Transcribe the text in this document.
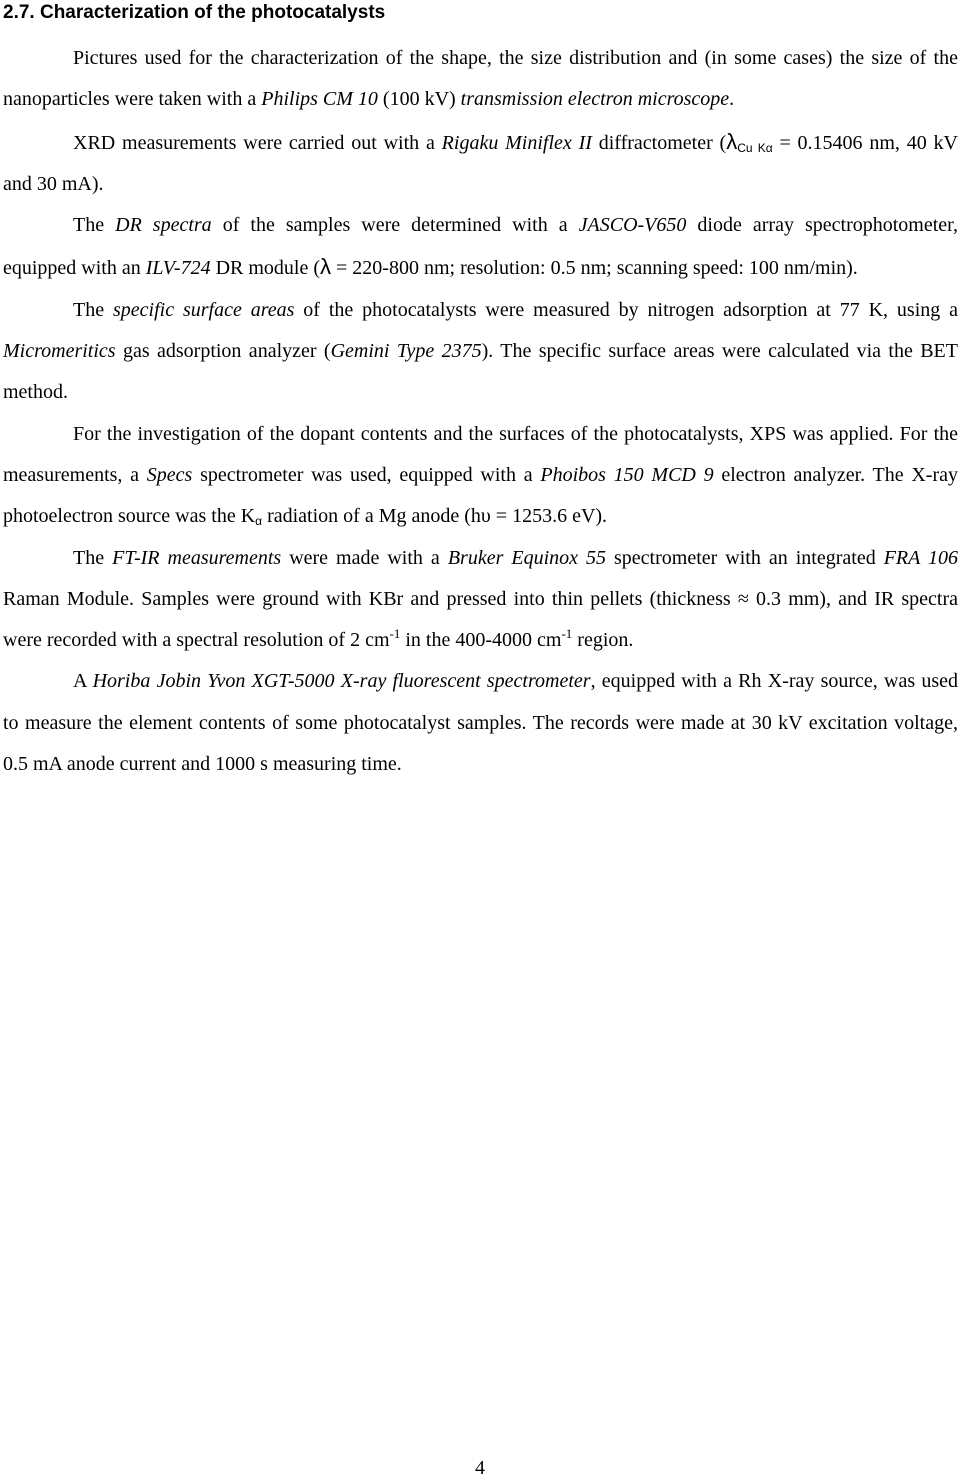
2.7. Characterization of the photocatalysts

Pictures used for the characterization of the shape, the size distribution and (in some cases) the size of the nanoparticles were taken with a Philips CM 10 (100 kV) transmission electron microscope.

XRD measurements were carried out with a Rigaku Miniflex II diffractometer ($\lambda_{Cu K\alpha} = 0.15406$ nm, 40 kV and 30 mA).

The DR spectra of the samples were determined with a JASCO-V650 diode array spectrophotometer, equipped with an ILV-724 DR module (λ = 220-800 nm; resolution: 0.5 nm; scanning speed: 100 nm/min).

The specific surface areas of the photocatalysts were measured by nitrogen adsorption at 77 K, using a Micromeritics gas adsorption analyzer (Gemini Type 2375). The specific surface areas were calculated via the BET method.

For the investigation of the dopant contents and the surfaces of the photocatalysts, XPS was applied. For the measurements, a Specs spectrometer was used, equipped with a Phoibos 150 MCD 9 electron analyzer. The X-ray photoelectron source was the $K_\alpha$ radiation of a Mg anode (hυ = 1253.6 eV).

The FT-IR measurements were made with a Bruker Equinox 55 spectrometer with an integrated FRA 106 Raman Module. Samples were ground with KBr and pressed into thin pellets (thickness ≈ 0.3 mm), and IR spectra were recorded with a spectral resolution of 2 $cm^{-1}$ in the 400-4000 $cm^{-1}$ region.

A Horiba Jobin Yvon XGT-5000 X-ray fluorescent spectrometer, equipped with a Rh X-ray source, was used to measure the element contents of some photocatalyst samples. The records were made at 30 kV excitation voltage, 0.5 mA anode current and 1000 s measuring time.

4
